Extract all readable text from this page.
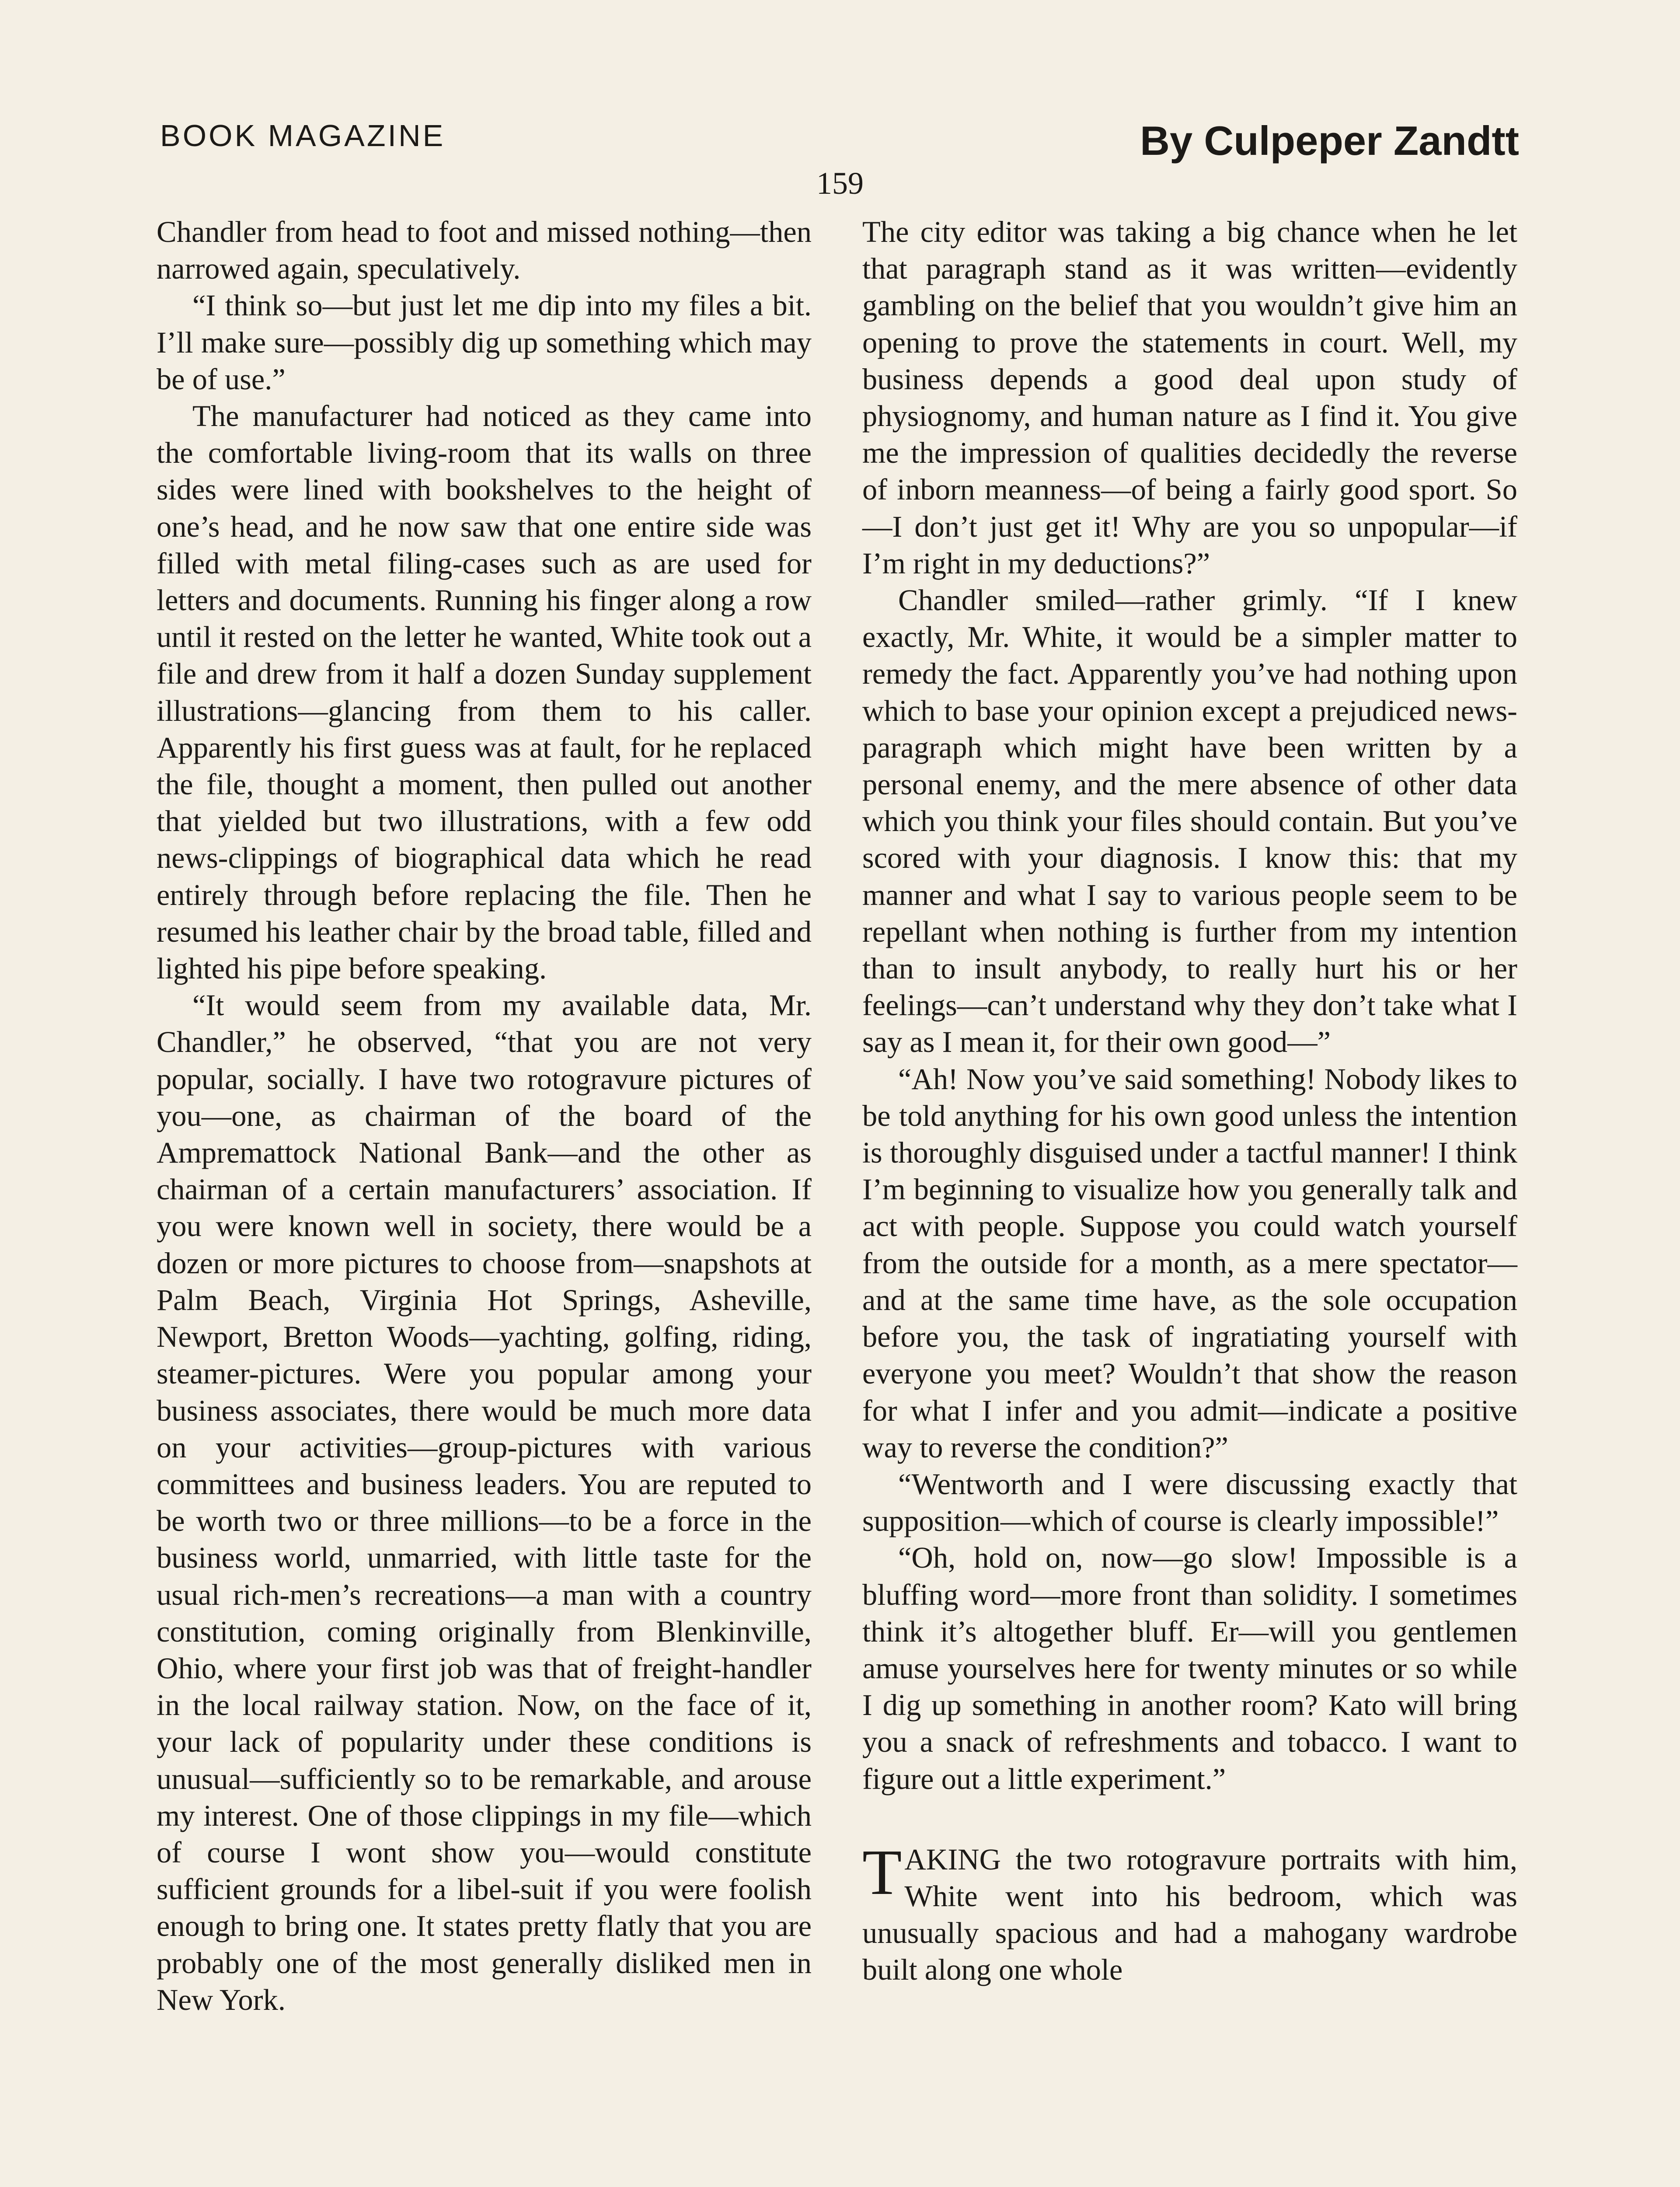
BOOK MAGAZINE	By Culpeper Zandtt
159

Chandler from head to foot and missed nothing—then narrowed again, speculatively.

“I think so—but just let me dip into my files a bit. I’ll make sure—possibly dig up something which may be of use.”

The manufacturer had noticed as they came into the comfortable living-room that its walls on three sides were lined with bookshelves to the height of one’s head, and he now saw that one entire side was filled with metal filing-cases such as are used for letters and documents. Running his finger along a row until it rested on the letter he wanted, White took out a file and drew from it half a dozen Sunday supplement illustrations—glancing from them to his caller. Apparently his first guess was at fault, for he replaced the file, thought a moment, then pulled out another that yielded but two illustrations, with a few odd news-clippings of biographical data which he read entirely through before replacing the file. Then he resumed his leather chair by the broad table, filled and lighted his pipe before speaking.

“It would seem from my available data, Mr. Chandler,” he observed, “that you are not very popular, socially. I have two rotogravure pictures of you—one, as chairman of the board of the Ampremattock National Bank—and the other as chairman of a certain manufacturers’ association. If you were known well in society, there would be a dozen or more pictures to choose from—snapshots at Palm Beach, Virginia Hot Springs, Asheville, Newport, Bretton Woods—yachting, golfing, riding, steamer-pictures. Were you popular among your business associates, there would be much more data on your activities—group-pictures with various committees and business leaders. You are reputed to be worth two or three millions—to be a force in the business world, unmarried, with little taste for the usual rich-men’s recreations—a man with a country constitution, coming originally from Blenkinville, Ohio, where your first job was that of freight-handler in the local railway station. Now, on the face of it, your lack of popularity under these conditions is unusual—sufficiently so to be remarkable, and arouse my interest. One of those clippings in my file—which of course I wont show you—would constitute sufficient grounds for a libel-suit if you were foolish enough to bring one. It states pretty flatly that you are probably one of the most generally disliked men in New York.

The city editor was taking a big chance when he let that paragraph stand as it was written—evidently gambling on the belief that you wouldn’t give him an opening to prove the statements in court. Well, my business depends a good deal upon study of physiognomy, and human nature as I find it. You give me the impression of qualities decidedly the reverse of inborn meanness—of being a fairly good sport. So —I don’t just get it! Why are you so unpopular—if I’m right in my deductions?”

Chandler smiled—rather grimly. “If I knew exactly, Mr. White, it would be a simpler matter to remedy the fact. Apparently you’ve had nothing upon which to base your opinion except a prejudiced news-paragraph which might have been written by a personal enemy, and the mere absence of other data which you think your files should contain. But you’ve scored with your diagnosis. I know this: that my manner and what I say to various people seem to be repellant when nothing is further from my intention than to insult anybody, to really hurt his or her feelings—can’t understand why they don’t take what I say as I mean it, for their own good—”

“Ah! Now you’ve said something! Nobody likes to be told anything for his own good unless the intention is thoroughly disguised under a tactful manner! I think I’m beginning to visualize how you generally talk and act with people. Suppose you could watch yourself from the outside for a month, as a mere spectator—and at the same time have, as the sole occupation before you, the task of ingratiating yourself with everyone you meet? Wouldn’t that show the reason for what I infer and you admit—indicate a positive way to reverse the condition?”

“Wentworth and I were discussing exactly that supposition—which of course is clearly impossible!”

“Oh, hold on, now—go slow! Impossible is a bluffing word—more front than solidity. I sometimes think it’s altogether bluff. Er—will you gentlemen amuse yourselves here for twenty minutes or so while I dig up something in another room? Kato will bring you a snack of refreshments and tobacco. I want to figure out a little experiment.”

TAKING the two rotogravure portraits with him, White went into his bedroom, which was unusually spacious and had a mahogany wardrobe built along one whole
